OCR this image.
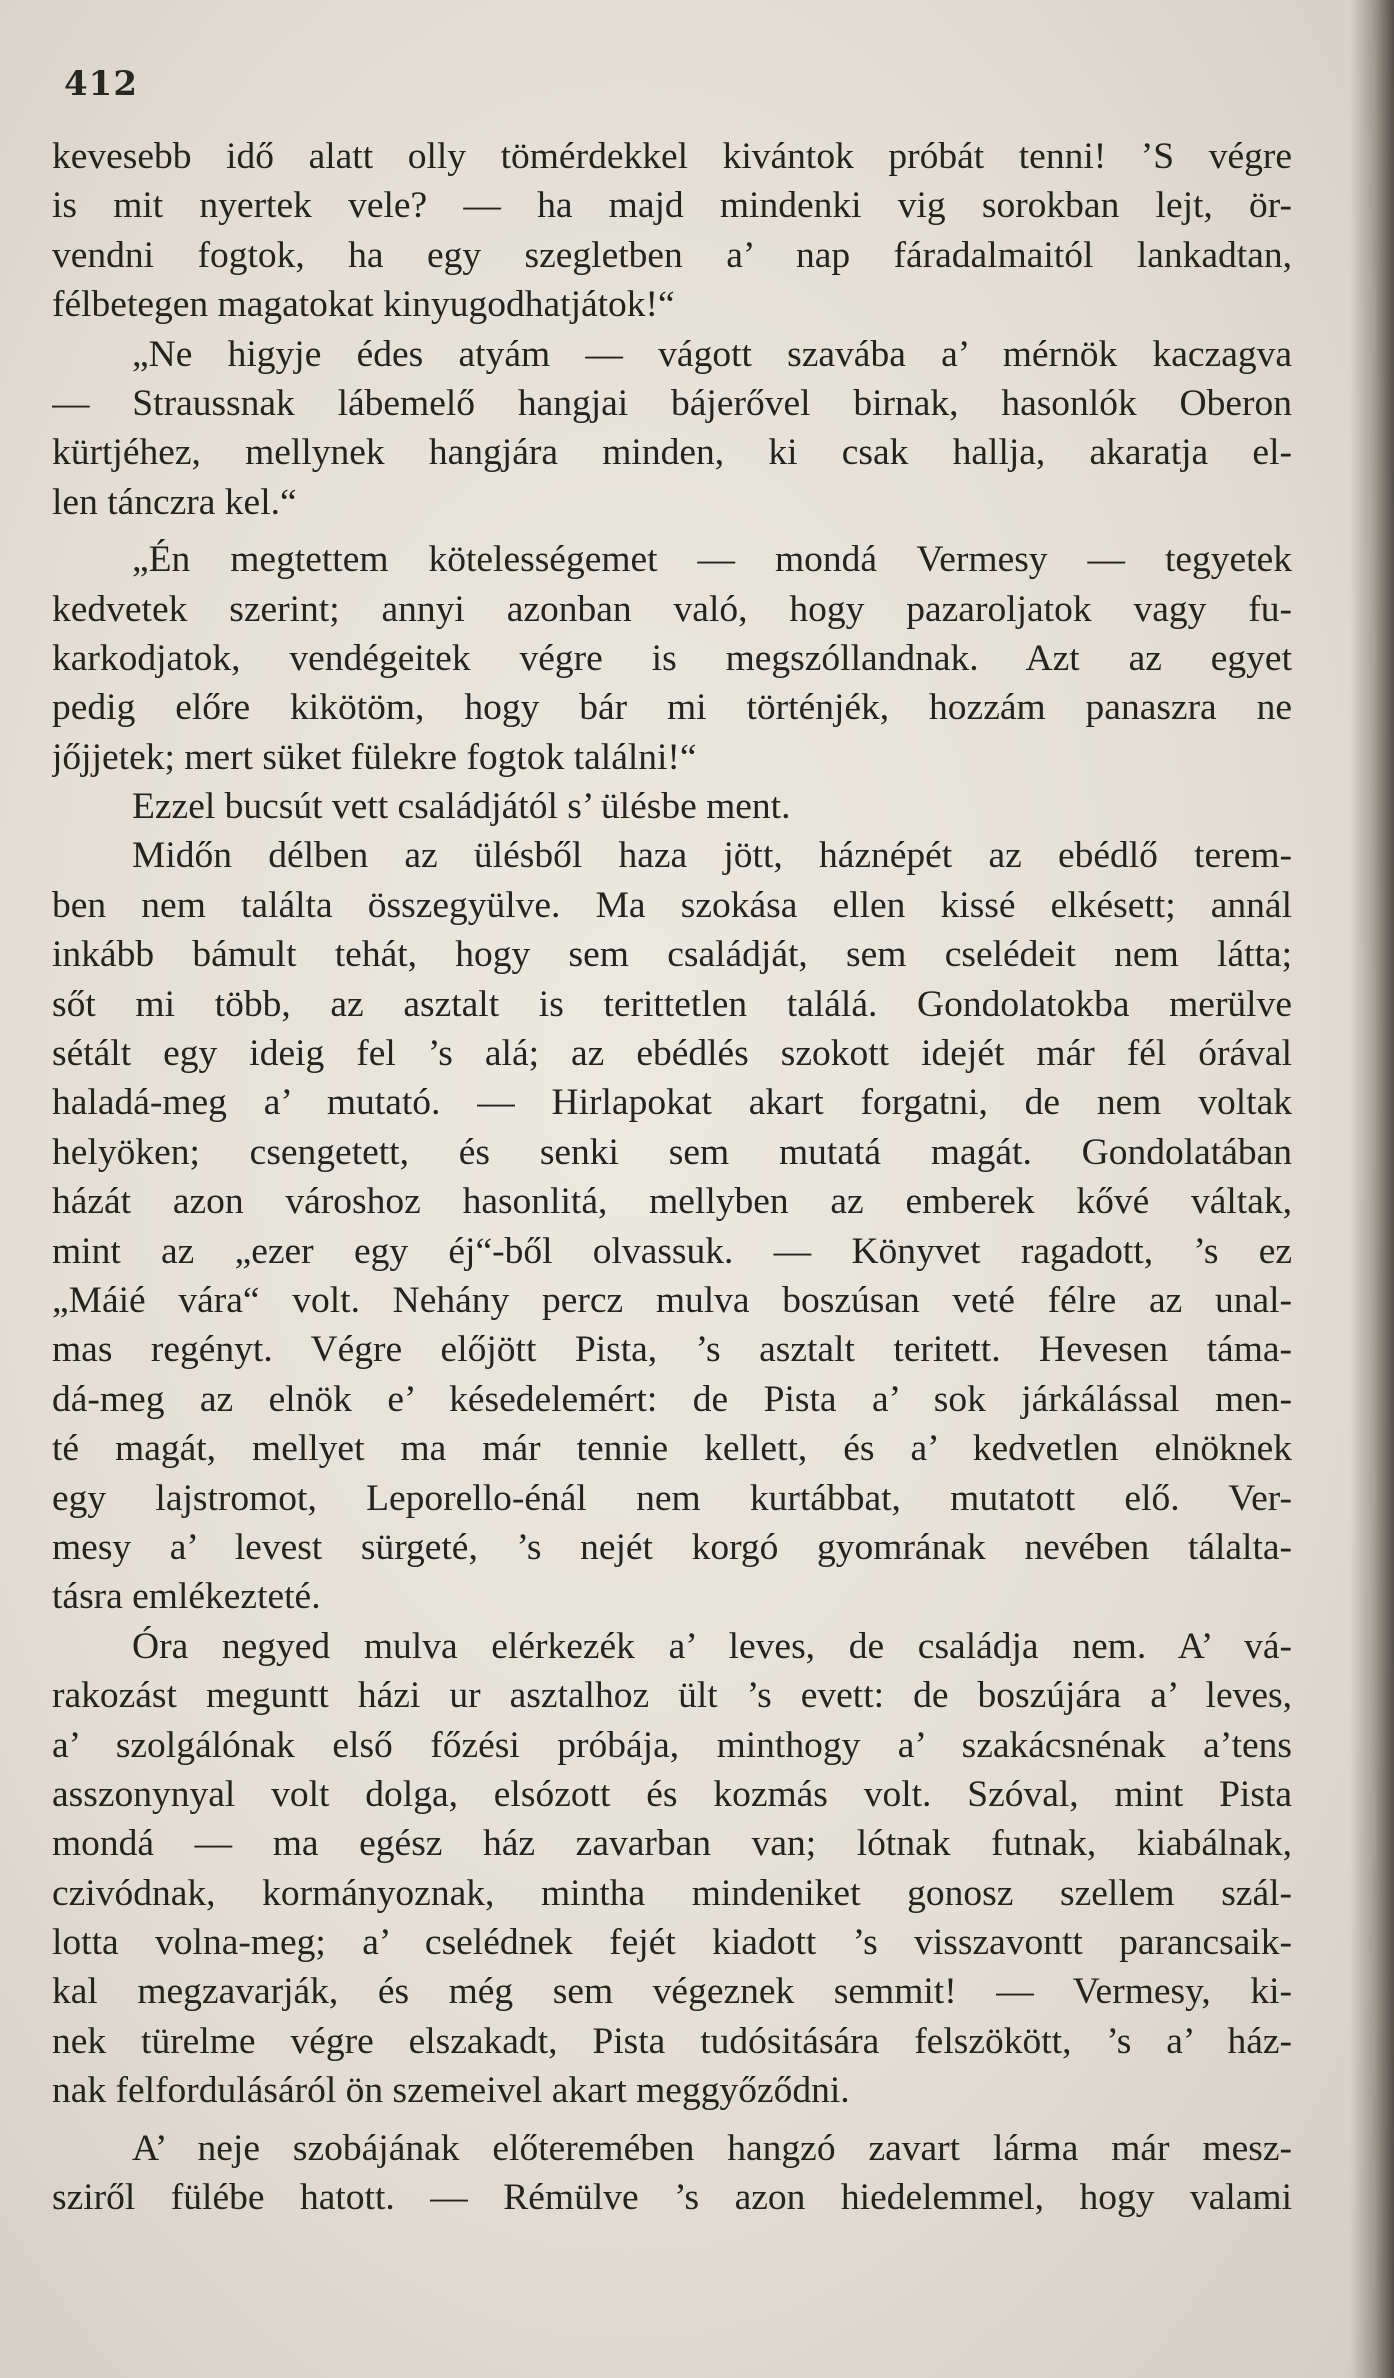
412
kevesebb idő alatt olly tömérdekkel kivántok próbát tenni! ’S végre
is mit nyertek vele? — ha majd mindenki vig sorokban lejt, ör-
vendni fogtok, ha egy szegletben a’ nap fáradalmaitól lankadtan,
félbetegen magatokat kinyugodhatjátok!“
„Ne higyje édes atyám — vágott szavába a’ mérnök kaczagva
— Straussnak lábemelő hangjai bájerővel birnak, hasonlók Oberon
kürtjéhez, mellynek hangjára minden, ki csak hallja, akaratja el-
len tánczra kel.“
„Én megtettem kötelességemet — mondá Vermesy — tegyetek
kedvetek szerint; annyi azonban való, hogy pazaroljatok vagy fu-
karkodjatok, vendégeitek végre is megszóllandnak. Azt az egyet
pedig előre kikötöm, hogy bár mi történjék, hozzám panaszra ne
jőjjetek; mert süket fülekre fogtok találni!“
Ezzel bucsút vett családjától s’ ülésbe ment.
Midőn délben az ülésből haza jött, háznépét az ebédlő terem-
ben nem találta összegyülve. Ma szokása ellen kissé elkésett; annál
inkább bámult tehát, hogy sem családját, sem cselédeit nem látta;
sőt mi több, az asztalt is terittetlen találá. Gondolatokba merülve
sétált egy ideig fel ’s alá; az ebédlés szokott idejét már fél órával
haladá-meg a’ mutató. — Hirlapokat akart forgatni, de nem voltak
helyöken; csengetett, és senki sem mutatá magát. Gondolatában
házát azon városhoz hasonlitá, mellyben az emberek kővé váltak,
mint az „ezer egy éj“-ből olvassuk. — Könyvet ragadott, ’s ez
„Máié vára“ volt. Nehány percz mulva boszúsan veté félre az unal-
mas regényt. Végre előjött Pista, ’s asztalt teritett. Hevesen táma-
dá-meg az elnök e’ késedelemért: de Pista a’ sok járkálással men-
té magát, mellyet ma már tennie kellett, és a’ kedvetlen elnöknek
egy lajstromot, Leporello-énál nem kurtábbat, mutatott elő. Ver-
mesy a’ levest sürgeté, ’s nejét korgó gyomrának nevében tálalta-
tásra emlékezteté.
Óra negyed mulva elérkezék a’ leves, de családja nem. A’ vá-
rakozást meguntt házi ur asztalhoz ült ’s evett: de boszújára a’ leves,
a’ szolgálónak első főzési próbája, minthogy a’ szakácsnénak a’tens
asszonynyal volt dolga, elsózott és kozmás volt. Szóval, mint Pista
mondá — ma egész ház zavarban van; lótnak futnak, kiabálnak,
czivódnak, kormányoznak, mintha mindeniket gonosz szellem szál-
lotta volna-meg; a’ cselédnek fejét kiadott ’s visszavontt parancsaik-
kal megzavarják, és még sem végeznek semmit! — Vermesy, ki-
nek türelme végre elszakadt, Pista tudósitására felszökött, ’s a’ ház-
nak felfordulásáról ön szemeivel akart meggyőződni.
A’ neje szobájának előteremében hangzó zavart lárma már mesz-
sziről fülébe hatott. — Rémülve ’s azon hiedelemmel, hogy valami
